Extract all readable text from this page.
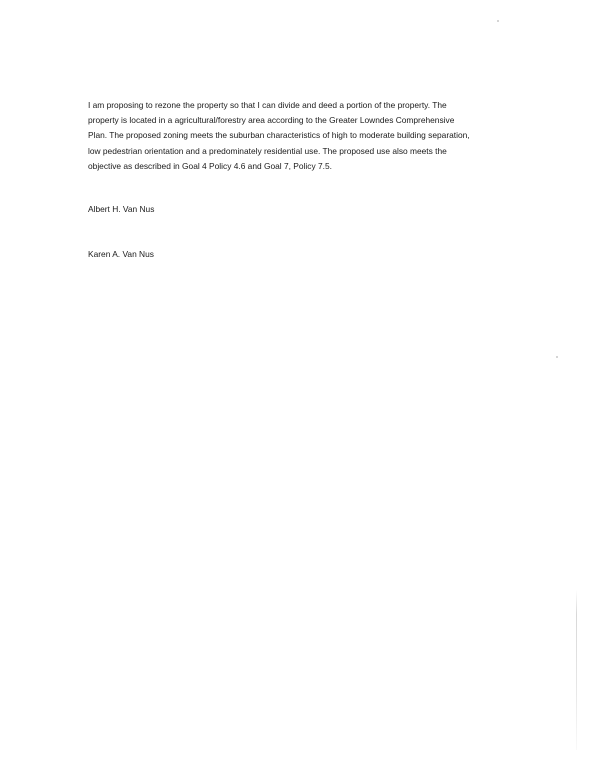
I am proposing to rezone the property so that I can divide and deed a portion of the property. The
property is located in a agricultural/forestry area according to the Greater Lowndes Comprehensive
Plan. The proposed zoning meets the suburban characteristics of high to moderate building separation,
low pedestrian orientation and a predominately residential use. The proposed use also meets the
objective as described in Goal 4 Policy 4.6 and Goal 7, Policy 7.5.

Albert H. Van Nus

Karen A. Van Nus
